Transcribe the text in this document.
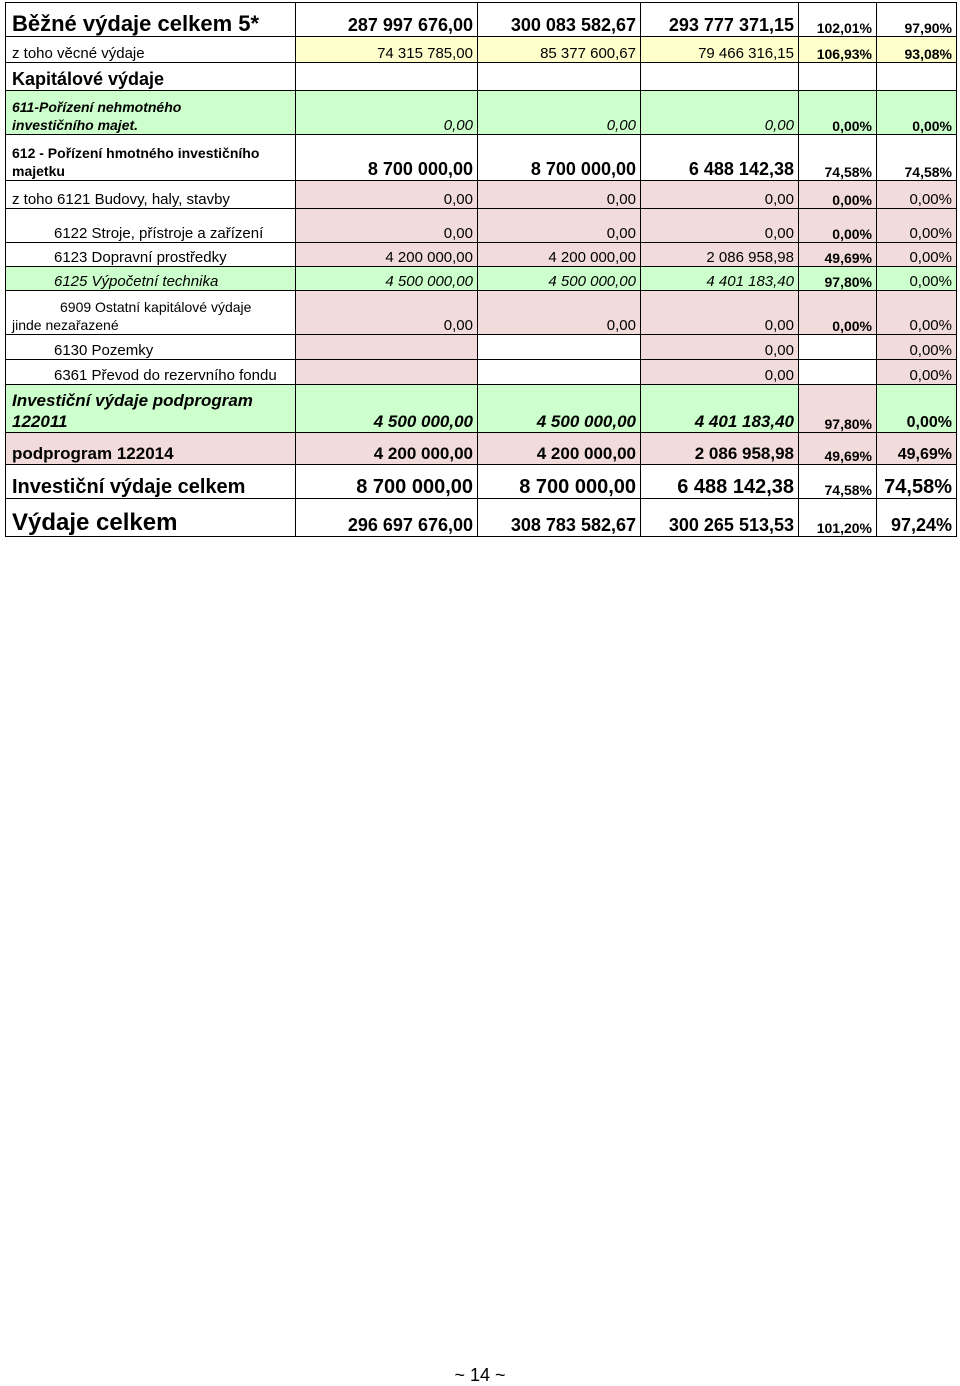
Běžné výdaje celkem 5*	287 997 676,00	300 083 582,67	293 777 371,15	102,01%	97,90%
z toho věcné výdaje	74 315 785,00	85 377 600,67	79 466 316,15	106,93%	93,08%
Kapitálové výdaje					

611-Pořízení nehmotného
investičního majet.	0,00	0,00	0,00	0,00%	0,00%

612 - Pořízení hmotného investičního
majetku	8 700 000,00	8 700 000,00	6 488 142,38	74,58%	74,58%
z toho 6121 Budovy, haly, stavby	0,00	0,00	0,00	0,00%	0,00%
6122 Stroje, přístroje a zařízení	0,00	0,00	0,00	0,00%	0,00%
6123 Dopravní prostředky	4 200 000,00	4 200 000,00	2 086 958,98	49,69%	0,00%
6125 Výpočetní technika	4 500 000,00	4 500 000,00	4 401 183,40	97,80%	0,00%

6909 Ostatní kapitálové výdaje
jinde nezařazené	0,00	0,00	0,00	0,00%	0,00%
6130 Pozemky			0,00		0,00%
6361 Převod do rezervního fondu			0,00		0,00%

Investiční výdaje podprogram
122011	4 500 000,00	4 500 000,00	4 401 183,40	97,80%	0,00%
podprogram 122014	4 200 000,00	4 200 000,00	2 086 958,98	49,69%	49,69%
Investiční výdaje celkem	8 700 000,00	8 700 000,00	6 488 142,38	74,58%	74,58%
Výdaje celkem	296 697 676,00	308 783 582,67	300 265 513,53	101,20%	97,24%
~ 14 ~
